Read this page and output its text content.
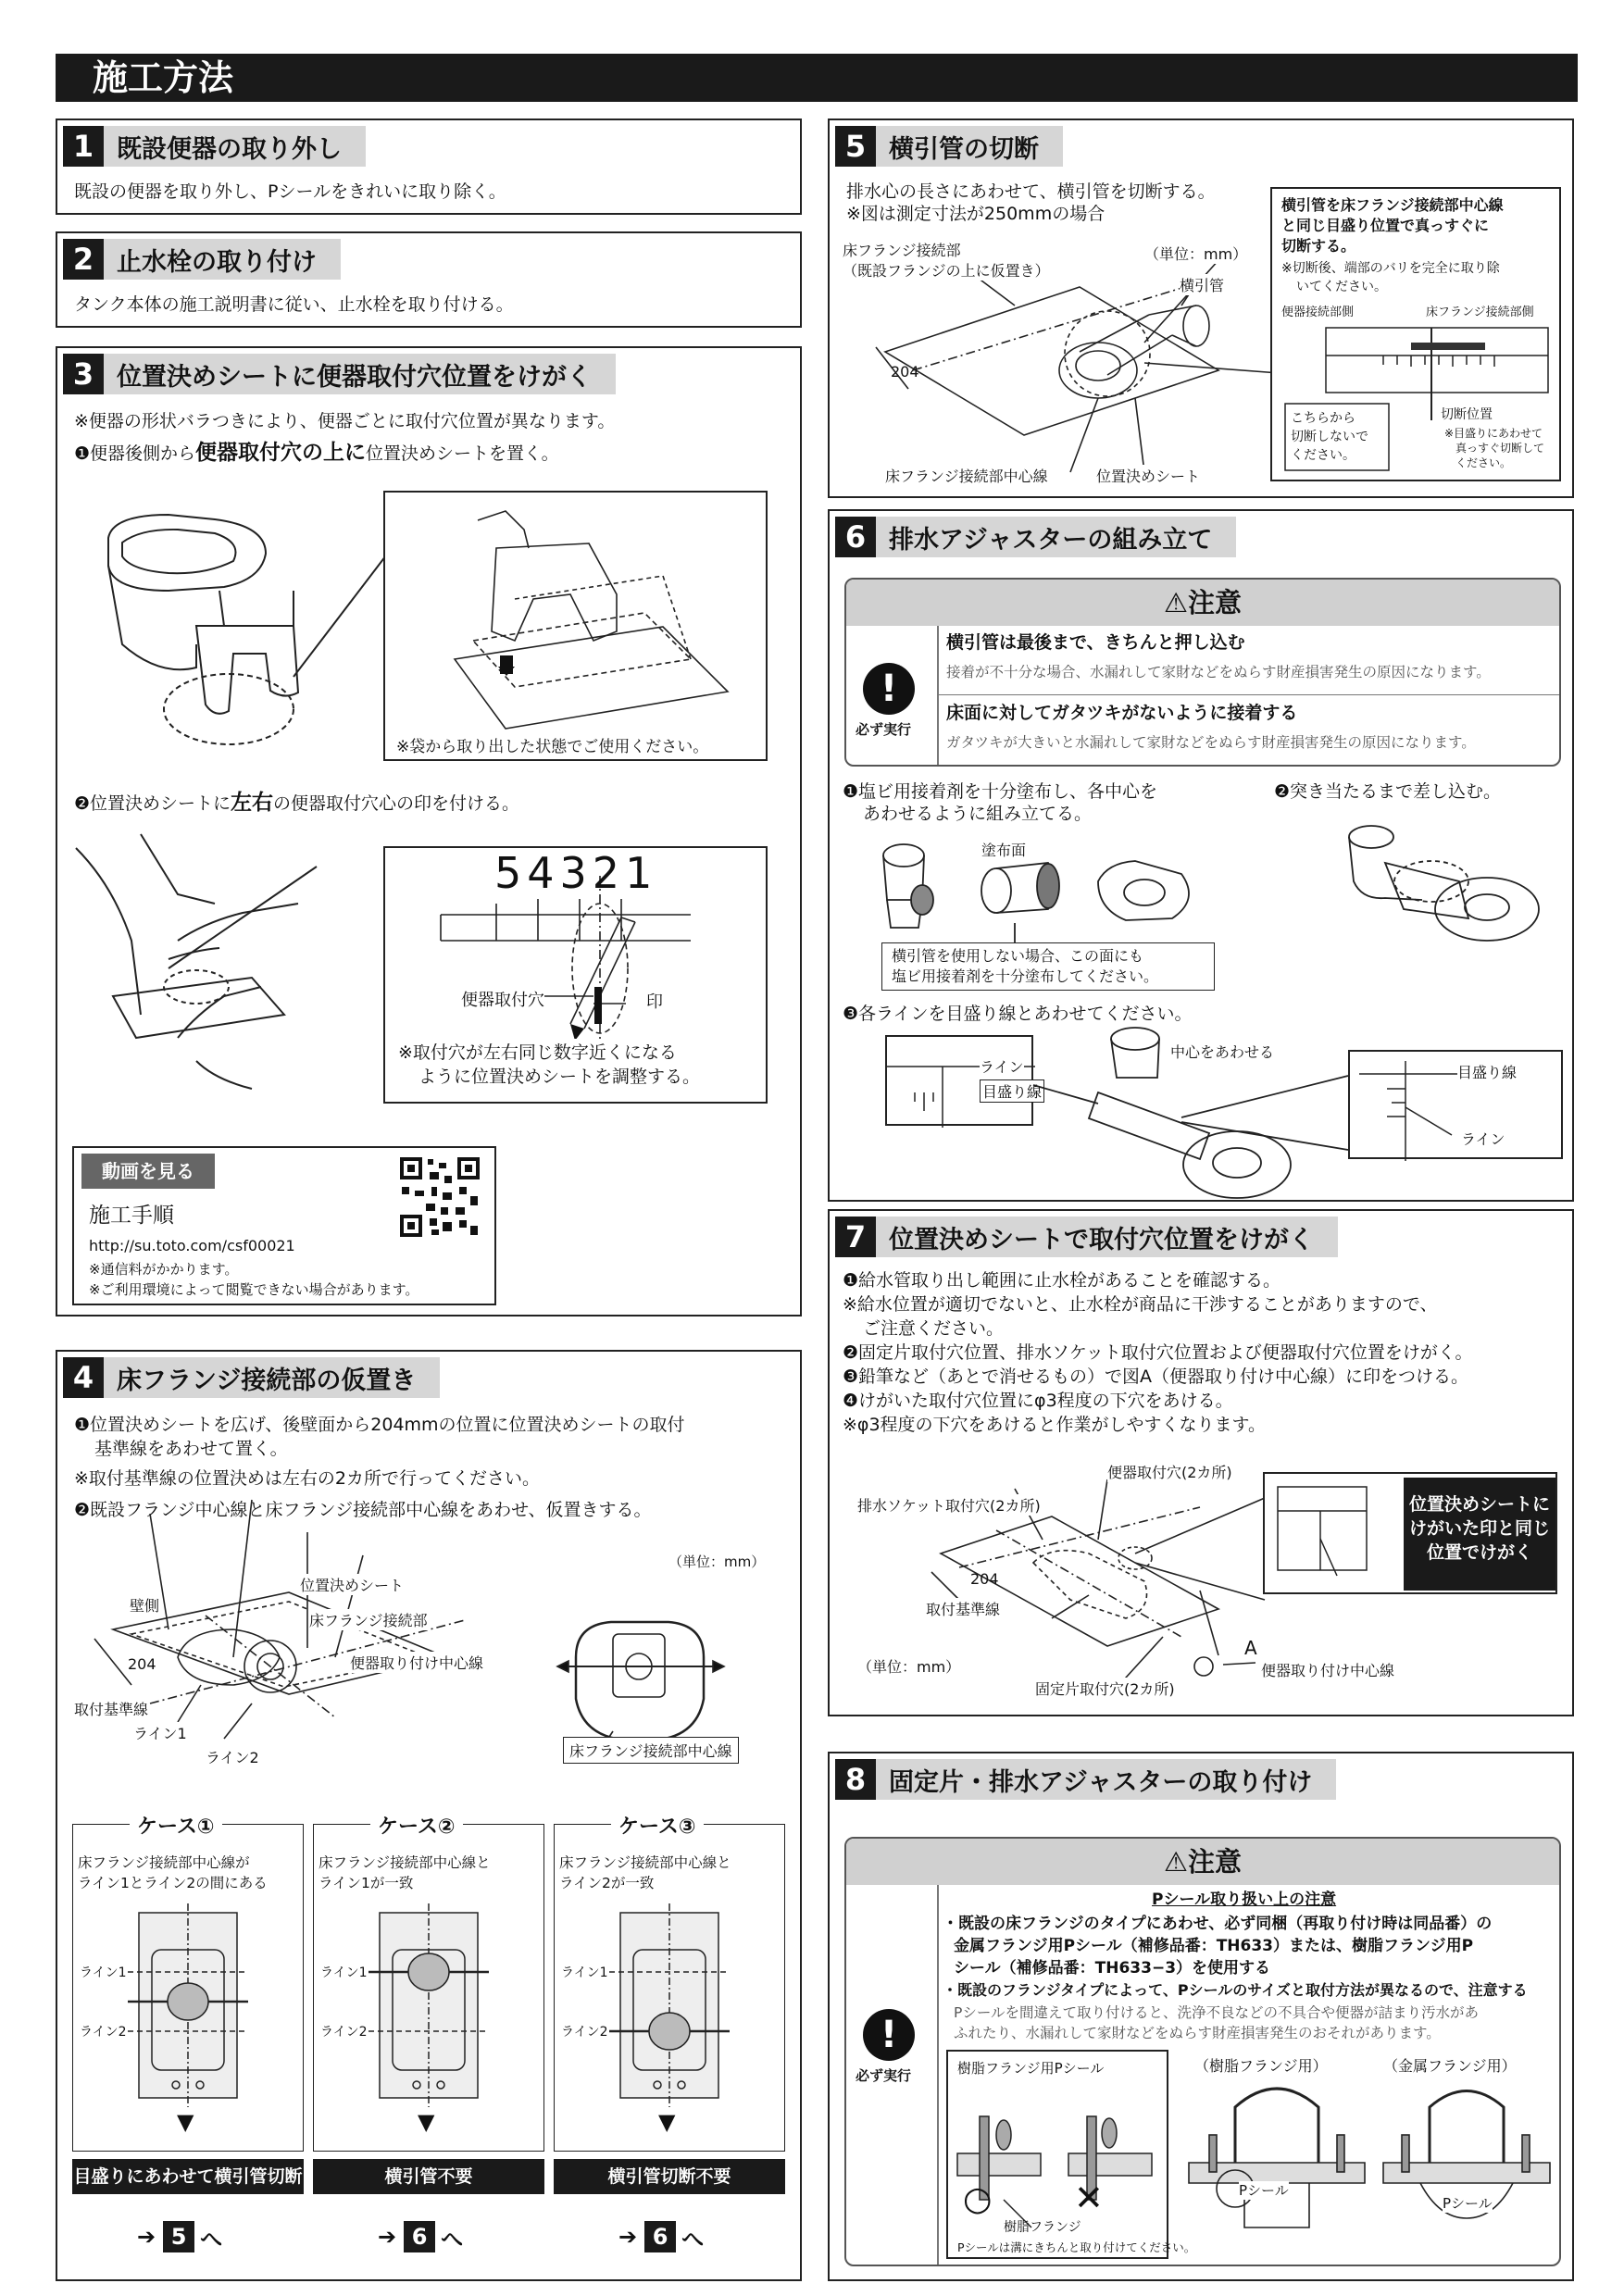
施工方法
1 既設便器の取り外し
既設の便器を取り外し、Pシールをきれいに取り除く。
2 止水栓の取り付け
タンク本体の施工説明書に従い、止水栓を取り付ける。
3 位置決めシートに便器取付穴位置をけがく
※便器の形状バラつきにより、便器ごとに取付穴位置が異なります。
❶便器後側から便器取付穴の上に位置決めシートを置く。
※袋から取り出した状態でご使用ください。
❷位置決めシートに左右の便器取付穴心の印を付ける。
54321
便器取付穴	印
※取付穴が左右同じ数字近くになる
ように位置決めシートを調整する。
動画を見る
施工手順
http://su.toto.com/csf00021
※通信料がかかります。
※ご利用環境によって閲覧できない場合があります。
4 床フランジ接続部の仮置き
❶位置決めシートを広げ、後壁面から204mmの位置に位置決めシートの取付
基準線をあわせて置く。
※取付基準線の位置決めは左右の2カ所で行ってください。
❷既設フランジ中心線と床フランジ接続部中心線をあわせ、仮置きする。
（単位：mm）
位置決めシート
壁側
床フランジ接続部
便器取り付け中心線
204
取付基準線
ライン1
ライン2	床フランジ接続部中心線
ケース①
床フランジ接続部中心線が
ライン1とライン2の間にある
ライン1
ライン2
▼
目盛りにあわせて横引管切断
➔ 5 へ
ケース②
床フランジ接続部中心線と
ライン1が一致
ライン1
ライン2
▼
横引管不要
➔ 6 へ
ケース③
床フランジ接続部中心線と
ライン2が一致
ライン1
ライン2
▼
横引管切断不要
➔ 6 へ
5 横引管の切断
排水心の長さにあわせて、横引管を切断する。
※図は測定寸法が250mmの場合
床フランジ接続部
（既設フランジの上に仮置き）
（単位：mm）
横引管
204
床フランジ接続部中心線	位置決めシート
横引管を床フランジ接続部中心線
と同じ目盛り位置で真っすぐに
切断する。
※切断後、端部のバリを完全に取り除
いてください。
便器接続部側	床フランジ接続部側
こちらから
切断しないで
ください。
切断位置
※目盛りにあわせて
真っすぐ切断して
ください。
6 排水アジャスターの組み立て
⚠注意
!
必ず実行
横引管は最後まで、きちんと押し込む
接着が不十分な場合、水漏れして家財などをぬらす財産損害発生の原因になります。
床面に対してガタツキがないように接着する
ガタツキが大きいと水漏れして家財などをぬらす財産損害発生の原因になります。
❶塩ビ用接着剤を十分塗布し、各中心を
あわせるように組み立てる。
❷突き当たるまで差し込む。
塗布面
横引管を使用しない場合、この面にも
塩ビ用接着剤を十分塗布してください。
❸各ラインを目盛り線とあわせてください。
ライン
目盛り線
中心をあわせる
目盛り線
ライン
7 位置決めシートで取付穴位置をけがく
❶給水管取り出し範囲に止水栓があることを確認する。
※給水位置が適切でないと、止水栓が商品に干渉することがありますので、
ご注意ください。
❷固定片取付穴位置、排水ソケット取付穴位置および便器取付穴位置をけがく。
❸鉛筆など（あとで消せるもの）で図A（便器取り付け中心線）に印をつける。
❹けがいた取付穴位置にφ3程度の下穴をあける。
※φ3程度の下穴をあけると作業がしやすくなります。
便器取付穴(2カ所)
排水ソケット取付穴(2カ所)
204
取付基準線
（単位：mm）
固定片取付穴(2カ所)
A
便器取り付け中心線
位置決めシートに
けがいた印と同じ
位置でけがく
8 固定片・排水アジャスターの取り付け
⚠注意
!
必ず実行
Pシール取り扱い上の注意
・既設の床フランジのタイプにあわせ、必ず同梱（再取り付け時は同品番）の
金属フランジ用Pシール（補修品番：TH633）または、樹脂フランジ用P
シール（補修品番：TH633−3）を使用する
・既設のフランジタイプによって、Pシールのサイズと取付方法が異なるので、注意する
Pシールを間違えて取り付けると、洗浄不良などの不具合や便器が詰まり汚水があ
ふれたり、水漏れして家財などをぬらす財産損害発生のおそれがあります。
樹脂フランジ用Pシール
○ ✕
樹脂フランジ
Pシールは溝にきちんと取り付けてください。
（樹脂フランジ用）	（金属フランジ用）
Pシール
Pシール
